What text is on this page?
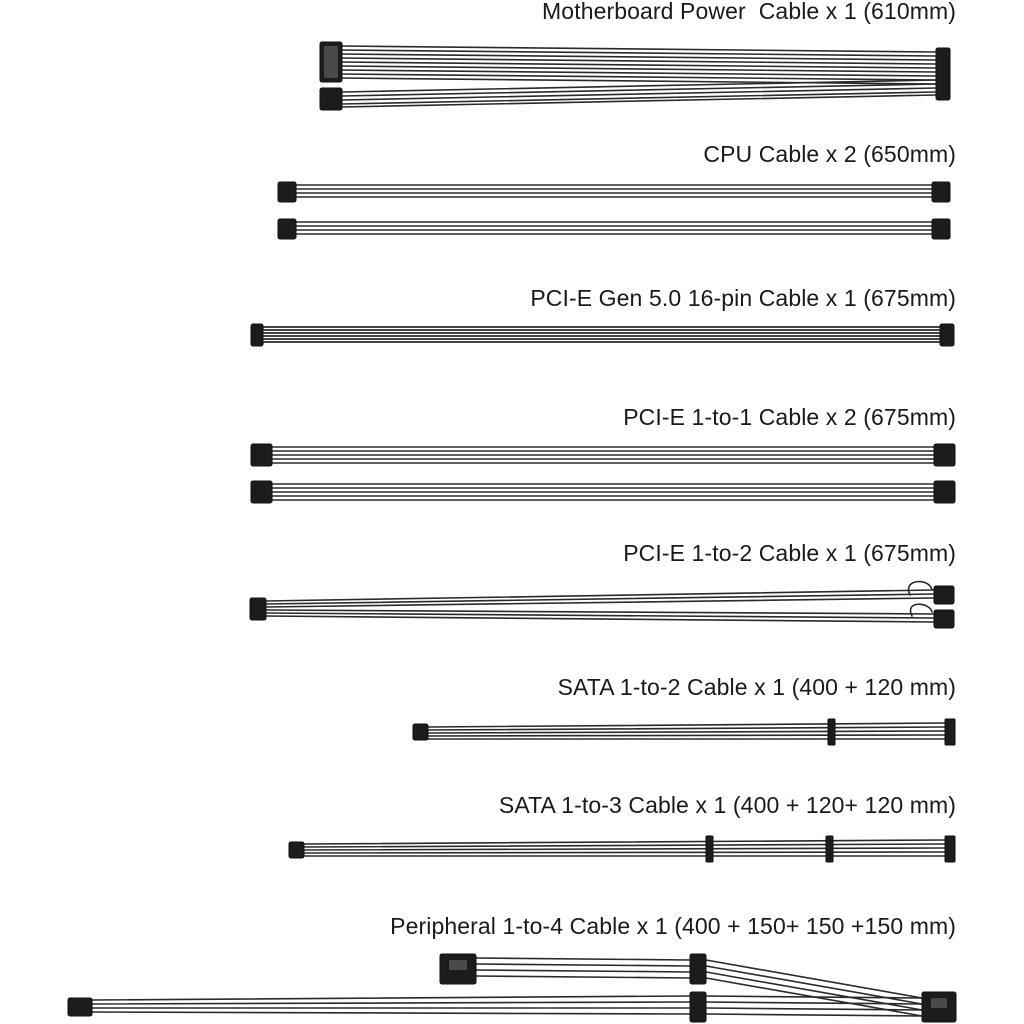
Motherboard Power  Cable x 1 (610mm)
CPU Cable x 2 (650mm)
PCI-E Gen 5.0 16-pin Cable x 1 (675mm)
PCI-E 1-to-1 Cable x 2 (675mm)
PCI-E 1-to-2 Cable x 1 (675mm)
SATA 1-to-2 Cable x 1 (400 + 120 mm)
SATA 1-to-3 Cable x 1 (400 + 120+ 120 mm)
Peripheral 1-to-4 Cable x 1 (400 + 150+ 150 +150 mm)
